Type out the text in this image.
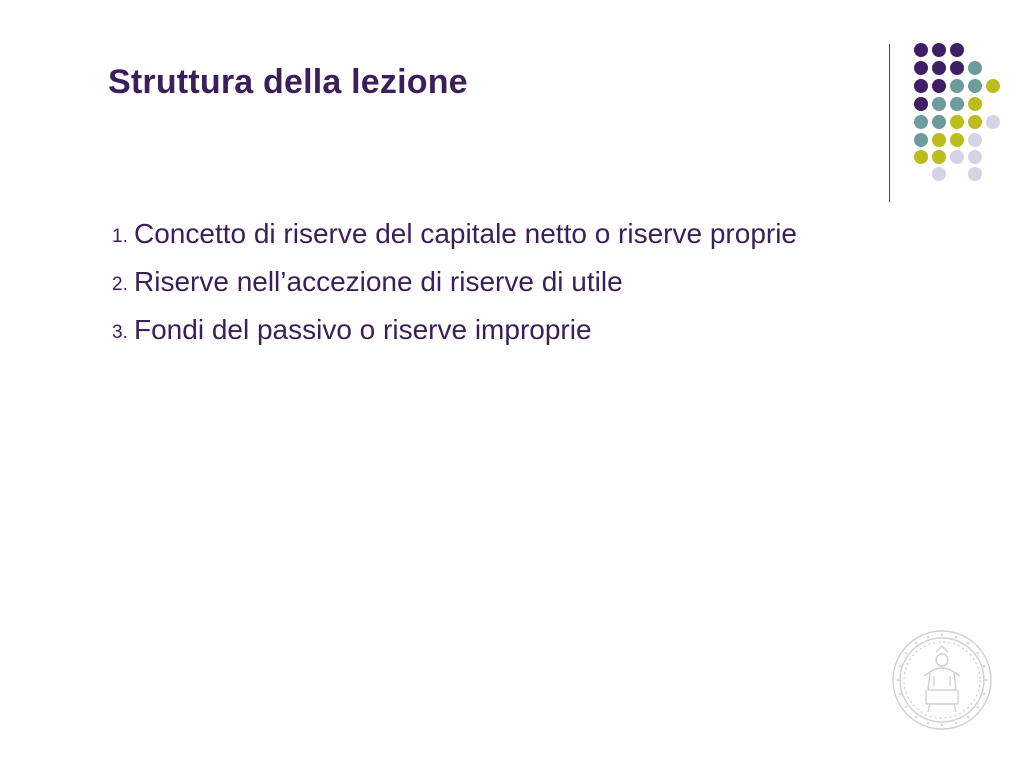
Struttura della lezione
1. Concetto di riserve del capitale netto o riserve proprie
2. Riserve nell’accezione di riserve di utile
3. Fondi del passivo o riserve improprie
